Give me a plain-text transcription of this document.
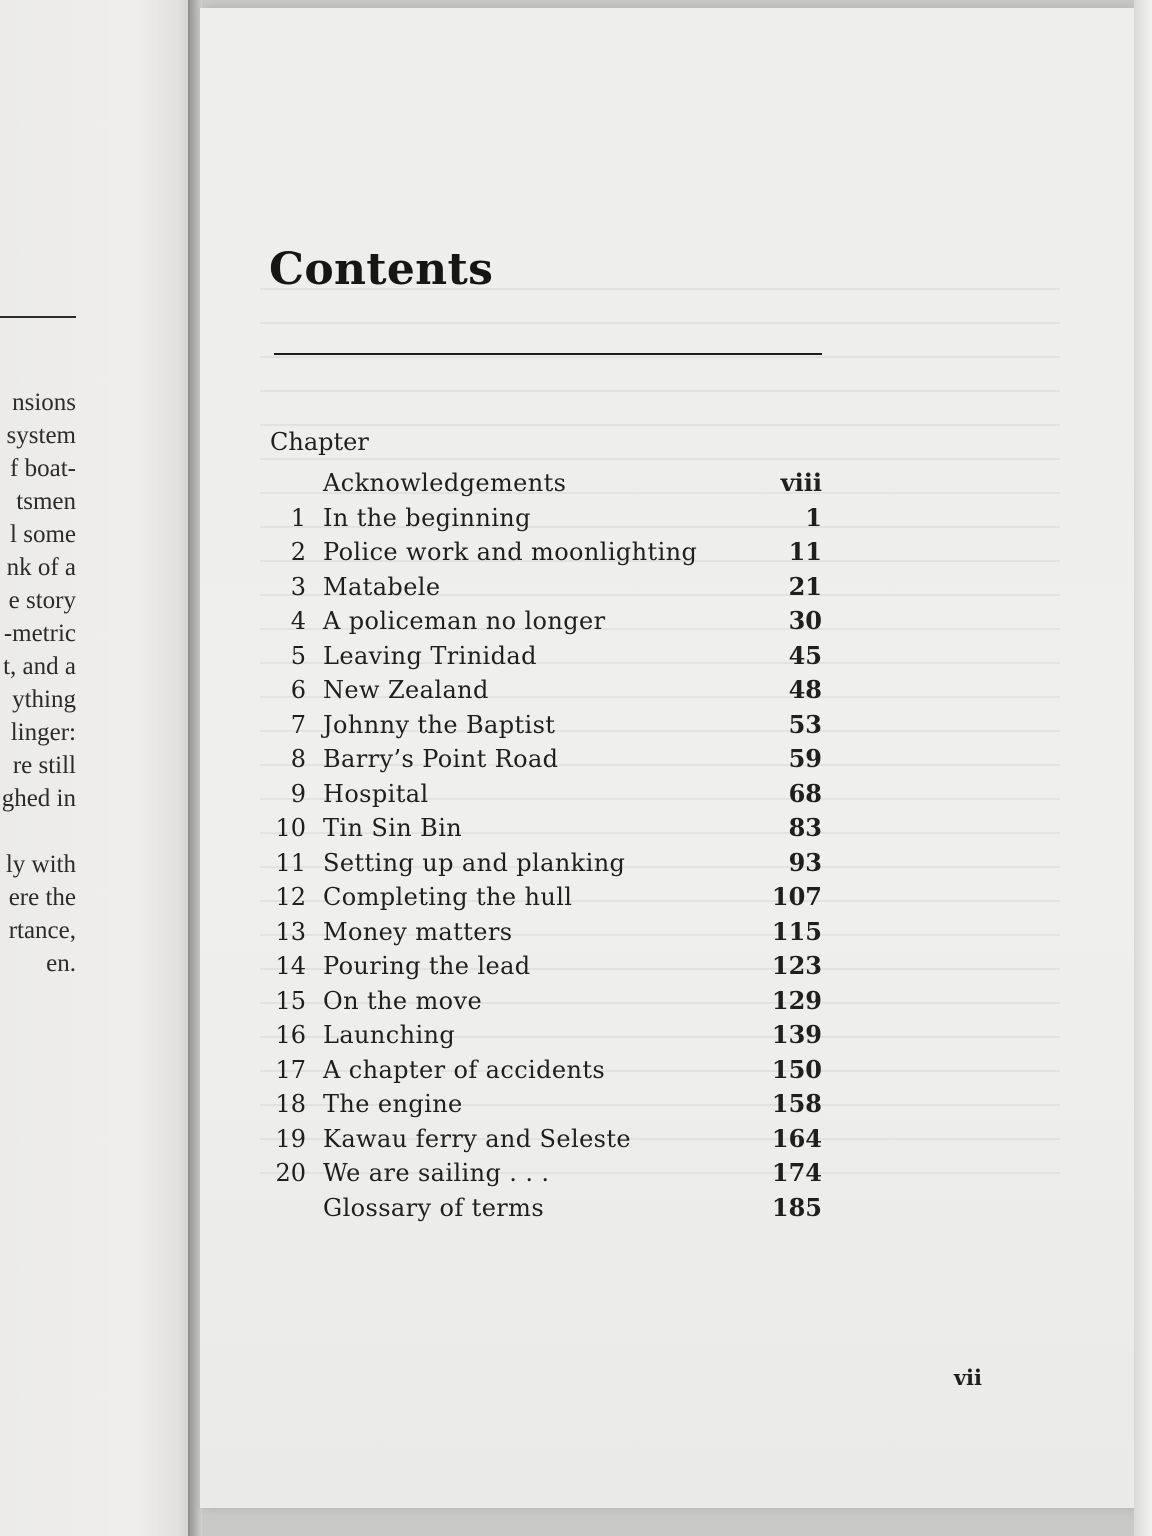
nsions
system
f boat-
tsmen
l some
nk of a
e story
-metric
t, and a
ything
linger:
re still
ghed in
ly with
ere the
rtance,
en.
Contents
Chapter
Acknowledgements	viii
1 In the beginning	1
2 Police work and moonlighting	11
3 Matabele	21
4 A policeman no longer	30
5 Leaving Trinidad	45
6 New Zealand	48
7 Johnny the Baptist	53
8 Barry’s Point Road	59
9 Hospital	68
10 Tin Sin Bin	83
11 Setting up and planking	93
12 Completing the hull	107
13 Money matters	115
14 Pouring the lead	123
15 On the move	129
16 Launching	139
17 A chapter of accidents	150
18 The engine	158
19 Kawau ferry and Seleste	164
20 We are sailing . . .	174
Glossary of terms	185
vii
